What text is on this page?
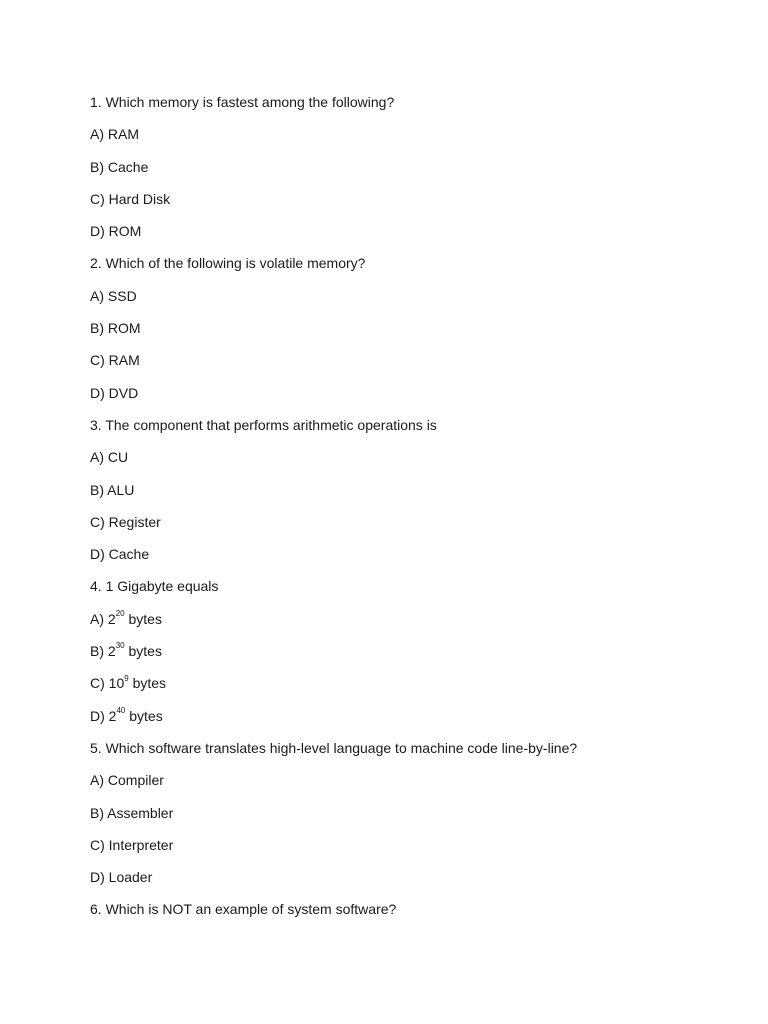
1. Which memory is fastest among the following?
A) RAM
B) Cache
C) Hard Disk
D) ROM
2. Which of the following is volatile memory?
A) SSD
B) ROM
C) RAM
D) DVD
3. The component that performs arithmetic operations is
A) CU
B) ALU
C) Register
D) Cache
4. 1 Gigabyte equals
A) $2^{20}$ bytes
B) $2^{30}$ bytes
C) $10^9$ bytes
D) $2^{40}$ bytes
5. Which software translates high-level language to machine code line-by-line?
A) Compiler
B) Assembler
C) Interpreter
D) Loader
6. Which is NOT an example of system software?
